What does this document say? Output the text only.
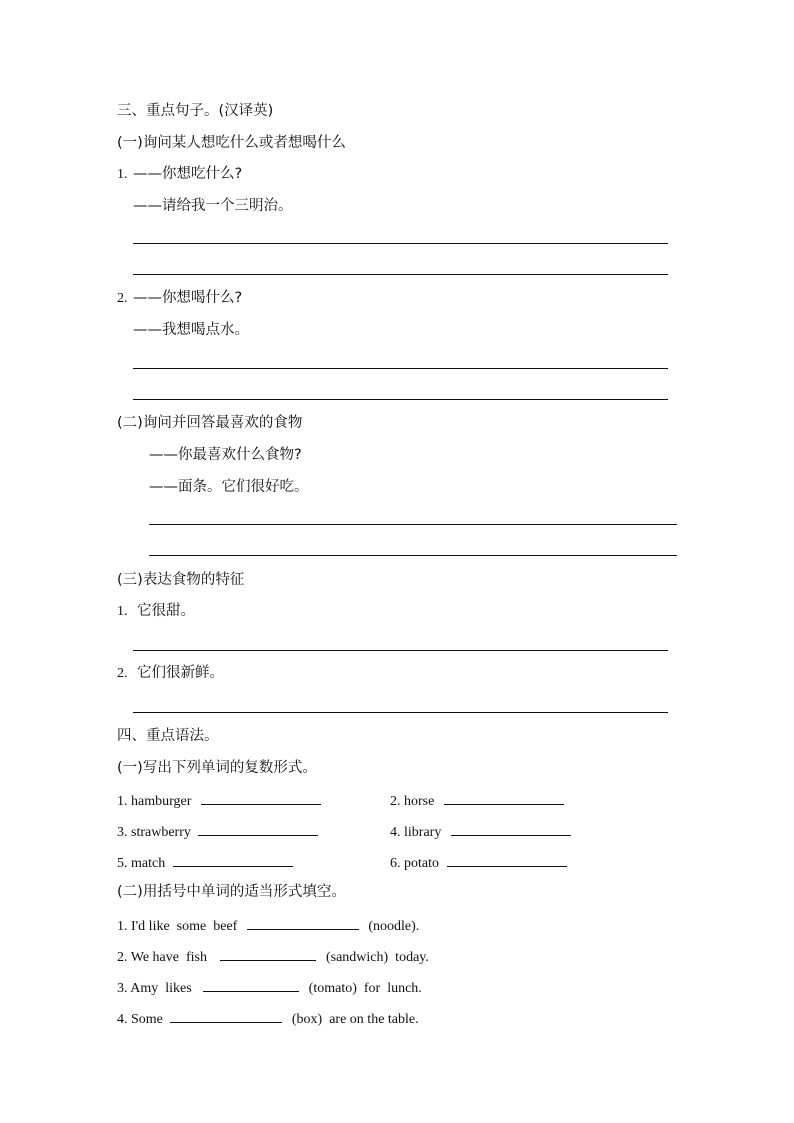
三、重点句子。(汉译英)
(一)询问某人想吃什么或者想喝什么
1. ——你想吃什么?
——请给我一个三明治。
2. ——你想喝什么?
——我想喝点水。
(二)询问并回答最喜欢的食物
——你最喜欢什么食物?
——面条。它们很好吃。
(三)表达食物的特征
1. 它很甜。
2. 它们很新鲜。
四、重点语法。
(一)写出下列单词的复数形式。
1. hamburger	2. horse
3. strawberry	4. library
5. match	6. potato
(二)用括号中单词的适当形式填空。
1. I'd like  some  beef	(noodle).
2. We have  fish	(sandwich)  today.
3. Amy  likes	(tomato)  for  lunch.
4. Some	(box)  are on the table.
